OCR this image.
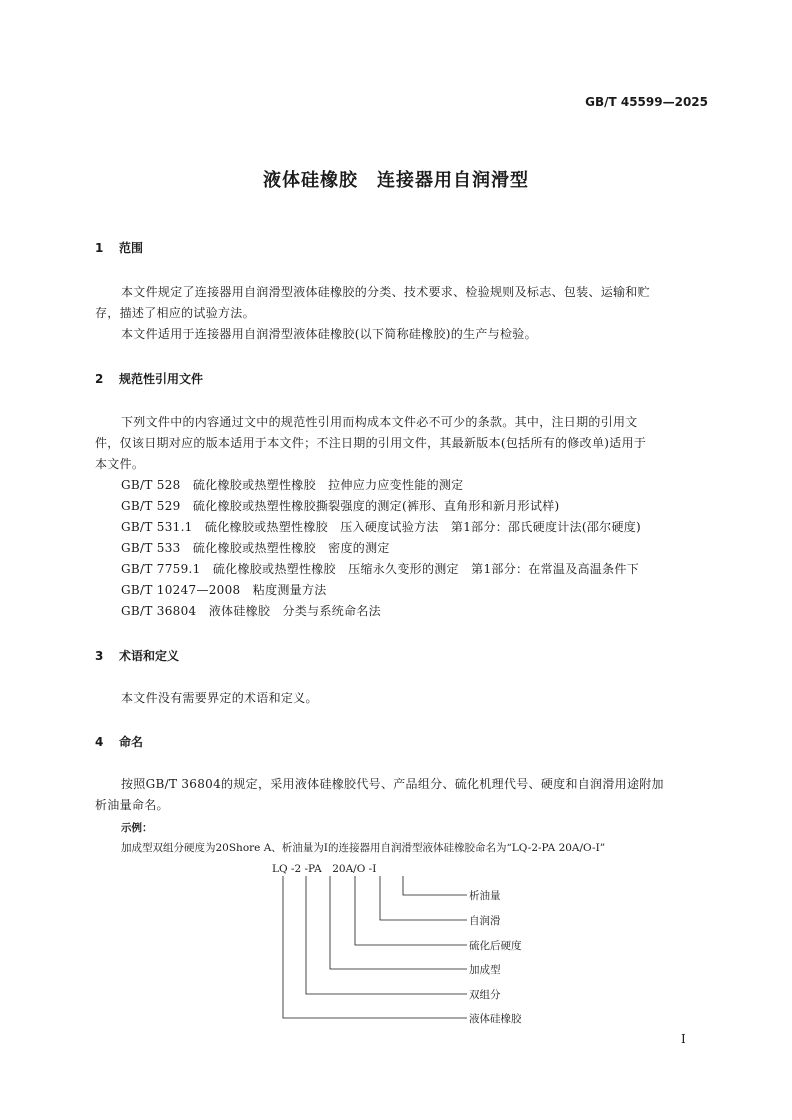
GB/T 45599—2025
液体硅橡胶　连接器用自润滑型
1 范围
本文件规定了连接器用自润滑型液体硅橡胶的分类、技术要求、检验规则及标志、包装、运输和贮
存，描述了相应的试验方法。
本文件适用于连接器用自润滑型液体硅橡胶(以下简称硅橡胶)的生产与检验。
2 规范性引用文件
下列文件中的内容通过文中的规范性引用而构成本文件必不可少的条款。其中，注日期的引用文
件，仅该日期对应的版本适用于本文件；不注日期的引用文件，其最新版本(包括所有的修改单)适用于
本文件。
GB/T 528　硫化橡胶或热塑性橡胶　拉伸应力应变性能的测定
GB/T 529　硫化橡胶或热塑性橡胶撕裂强度的测定(裤形、直角形和新月形试样)
GB/T 531.1　硫化橡胶或热塑性橡胶　压入硬度试验方法　第1部分：邵氏硬度计法(邵尔硬度)
GB/T 533　硫化橡胶或热塑性橡胶　密度的测定
GB/T 7759.1　硫化橡胶或热塑性橡胶　压缩永久变形的测定　第1部分：在常温及高温条件下
GB/T 10247—2008　粘度测量方法
GB/T 36804　液体硅橡胶　分类与系统命名法
3 术语和定义
本文件没有需要界定的术语和定义。
4 命名
按照GB/T 36804的规定，采用液体硅橡胶代号、产品组分、硫化机理代号、硬度和自润滑用途附加
析油量命名。
示例：
加成型双组分硬度为20Shore A、析油量为Ⅰ的连接器用自润滑型液体硅橡胶命名为“LQ-2-PA 20A/O-Ⅰ”
LQ -2 -PA　20A/O -Ⅰ
析油量
自润滑
硫化后硬度
加成型
双组分
液体硅橡胶
Ⅰ
